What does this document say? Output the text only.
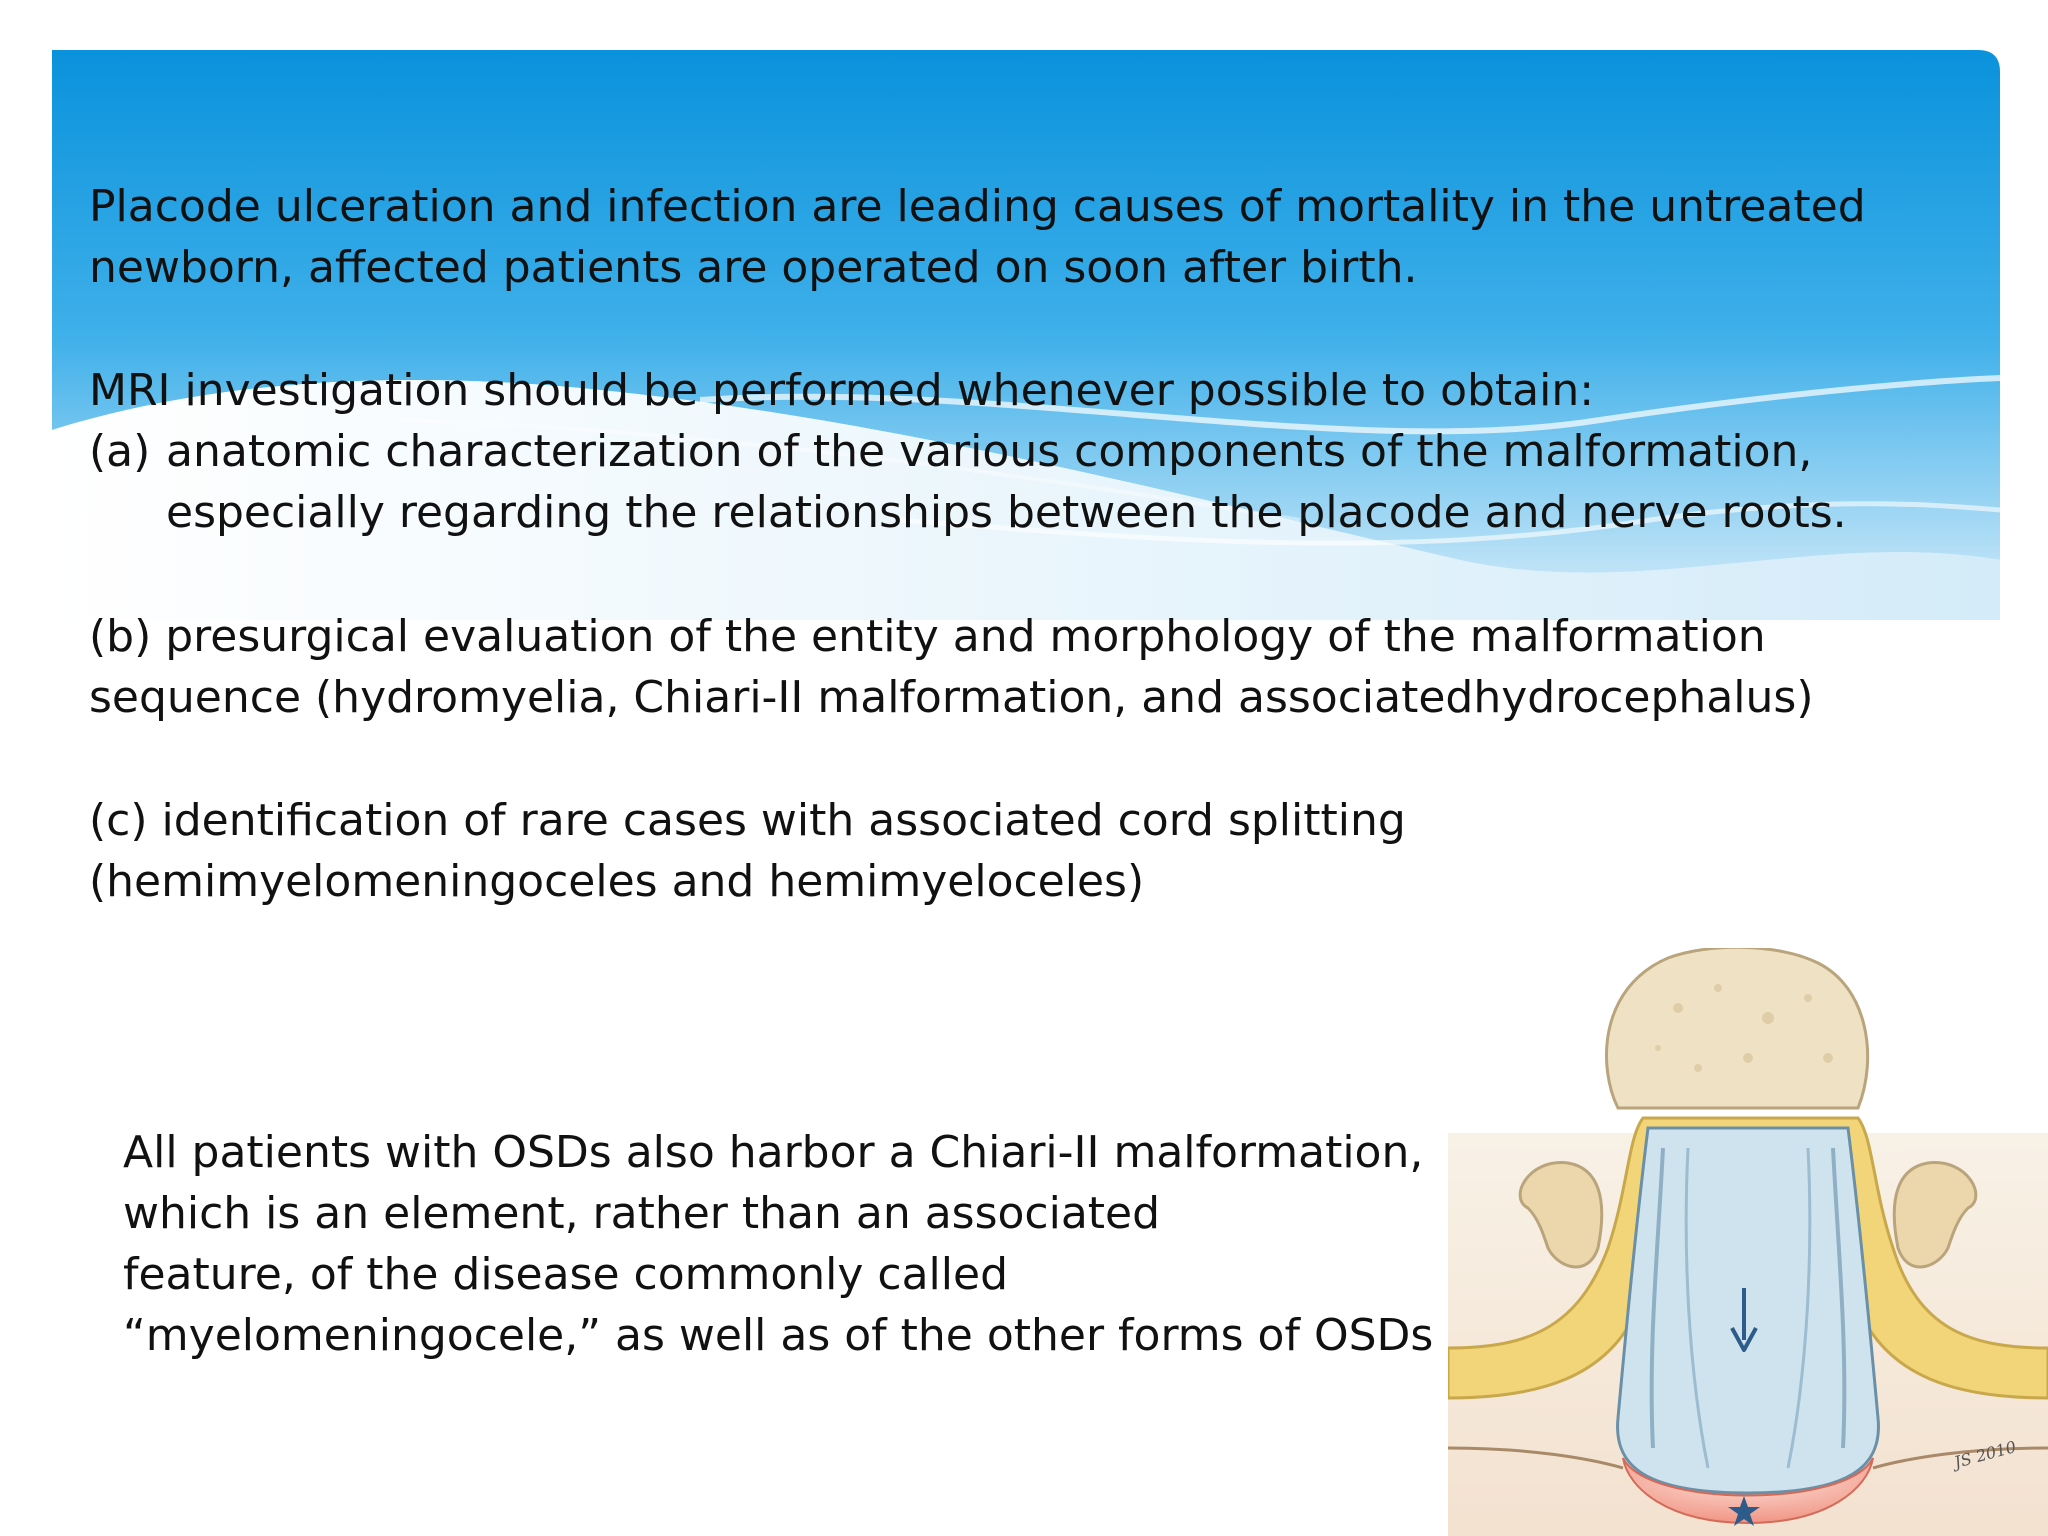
Placode ulceration and infection are leading causes of mortality in the untreated
newborn, affected patients are operated on soon after birth.
MRI investigation should be performed whenever possible to obtain:
(a) anatomic characterization of the various components of the malformation,
especially regarding the relationships between the placode and nerve roots.
(b) presurgical evaluation of the entity and morphology of the malformation
sequence (hydromyelia, Chiari-II malformation, and associatedhydrocephalus)
(c) identification of rare cases with associated cord splitting
(hemimyelomeningoceles and hemimyeloceles)
All patients with OSDs also harbor a Chiari-II malformation,
which is an element, rather than an associated
feature, of the disease commonly called
“myelomeningocele,” as well as of the other forms of OSDs
JS 2010
